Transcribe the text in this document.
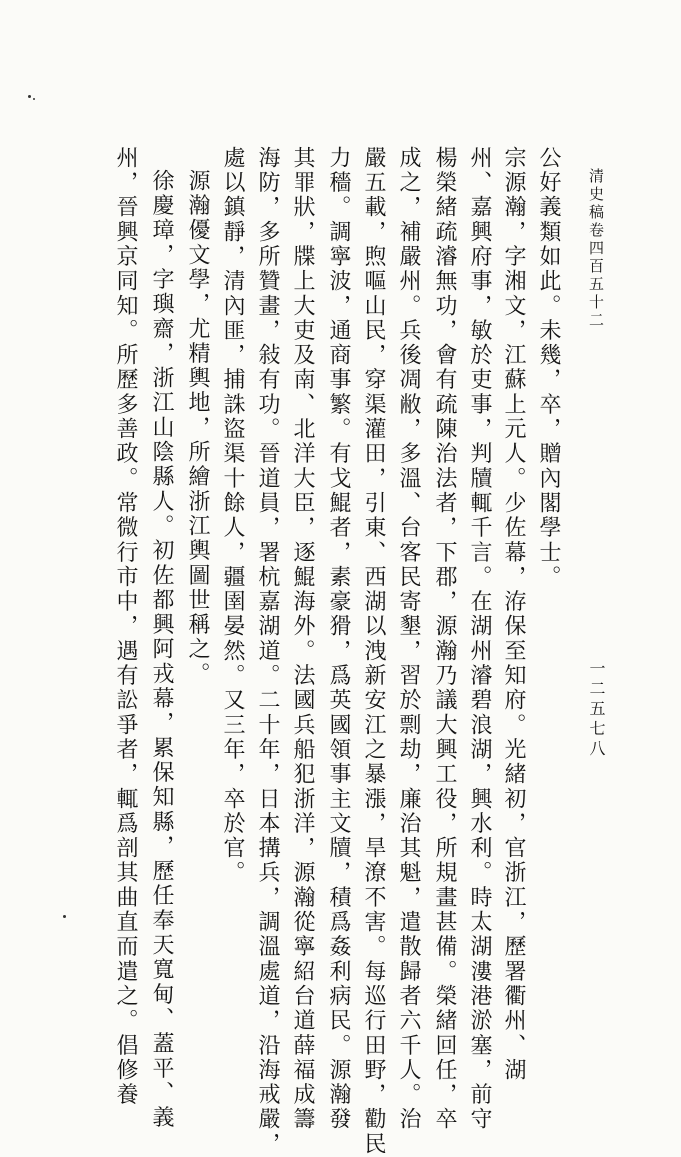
清史稿卷四百五十二
一二五七八
公好義類如此。未幾，卒，贈內閣學士。
宗源瀚，字湘文，江蘇上元人。少佐幕，洊保至知府。光緒初，官浙江，歷署衢州、湖
州、嘉興府事，敏於吏事，判牘輒千言。在湖州濬碧浪湖，興水利。時太湖漊港淤塞，前守
楊榮緒疏濬無功，會有疏陳治法者，下郡，源瀚乃議大興工役，所規畫甚備。榮緒回任，卒
成之，補嚴州。兵後凋敝，多溫、台客民寄墾，習於剽劫，廉治其魁，遣散歸者六千人。治
嚴五載，煦嘔山民，穿渠灌田，引東、西湖以洩新安江之暴漲，旱潦不害。每巡行田野，勸民
力穡。調寧波，通商事繁。有戈鯤者，素豪猾，爲英國領事主文牘，積爲姦利病民。源瀚發
其罪狀，牒上大吏及南、北洋大臣，逐鯤海外。法國兵船犯浙洋，源瀚從寧紹台道薛福成籌
海防，多所贊畫，敍有功。晉道員，署杭嘉湖道。二十年，日本搆兵，調溫處道，沿海戒嚴，
處以鎮靜，清內匪，捕誅盜渠十餘人，疆圉晏然。又三年，卒於官。
源瀚優文學，尤精輿地，所繪浙江輿圖世稱之。
徐慶璋，字璵齋，浙江山陰縣人。初佐都興阿戎幕，累保知縣，歷任奉天寬甸、蓋平、義
州，晉興京同知。所歷多善政。常微行市中，遇有訟爭者，輒爲剖其曲直而遣之。倡修養
